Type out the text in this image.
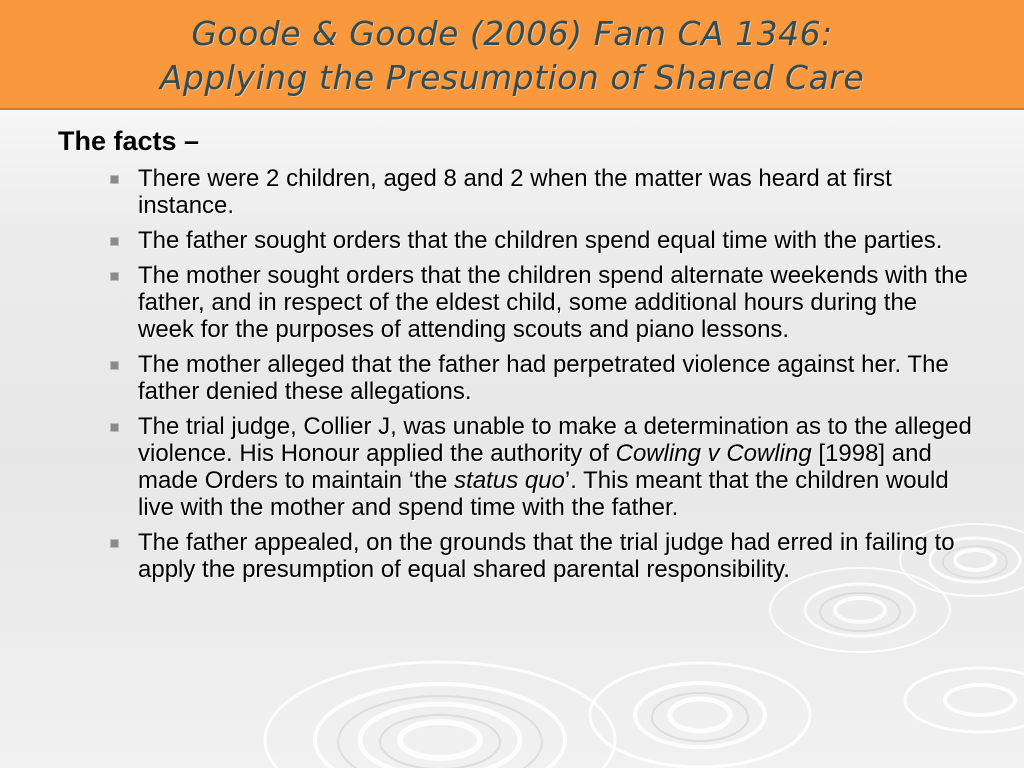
Goode & Goode (2006) Fam CA 1346:
Applying the Presumption of Shared Care
The facts –
There were 2 children, aged 8 and 2 when the matter was heard at first instance.
The father sought orders that the children spend equal time with the parties.
The mother sought orders that the children spend alternate weekends with the father, and in respect of the eldest child, some additional hours during the week for the purposes of attending scouts and piano lessons.
The mother alleged that the father had perpetrated violence against her. The father denied these allegations.
The trial judge, Collier J, was unable to make a determination as to the alleged violence. His Honour applied the authority of Cowling v Cowling [1998] and made Orders to maintain ‘the status quo’. This meant that the children would live with the mother and spend time with the father.
The father appealed, on the grounds that the trial judge had erred in failing to apply the presumption of equal shared parental responsibility.
